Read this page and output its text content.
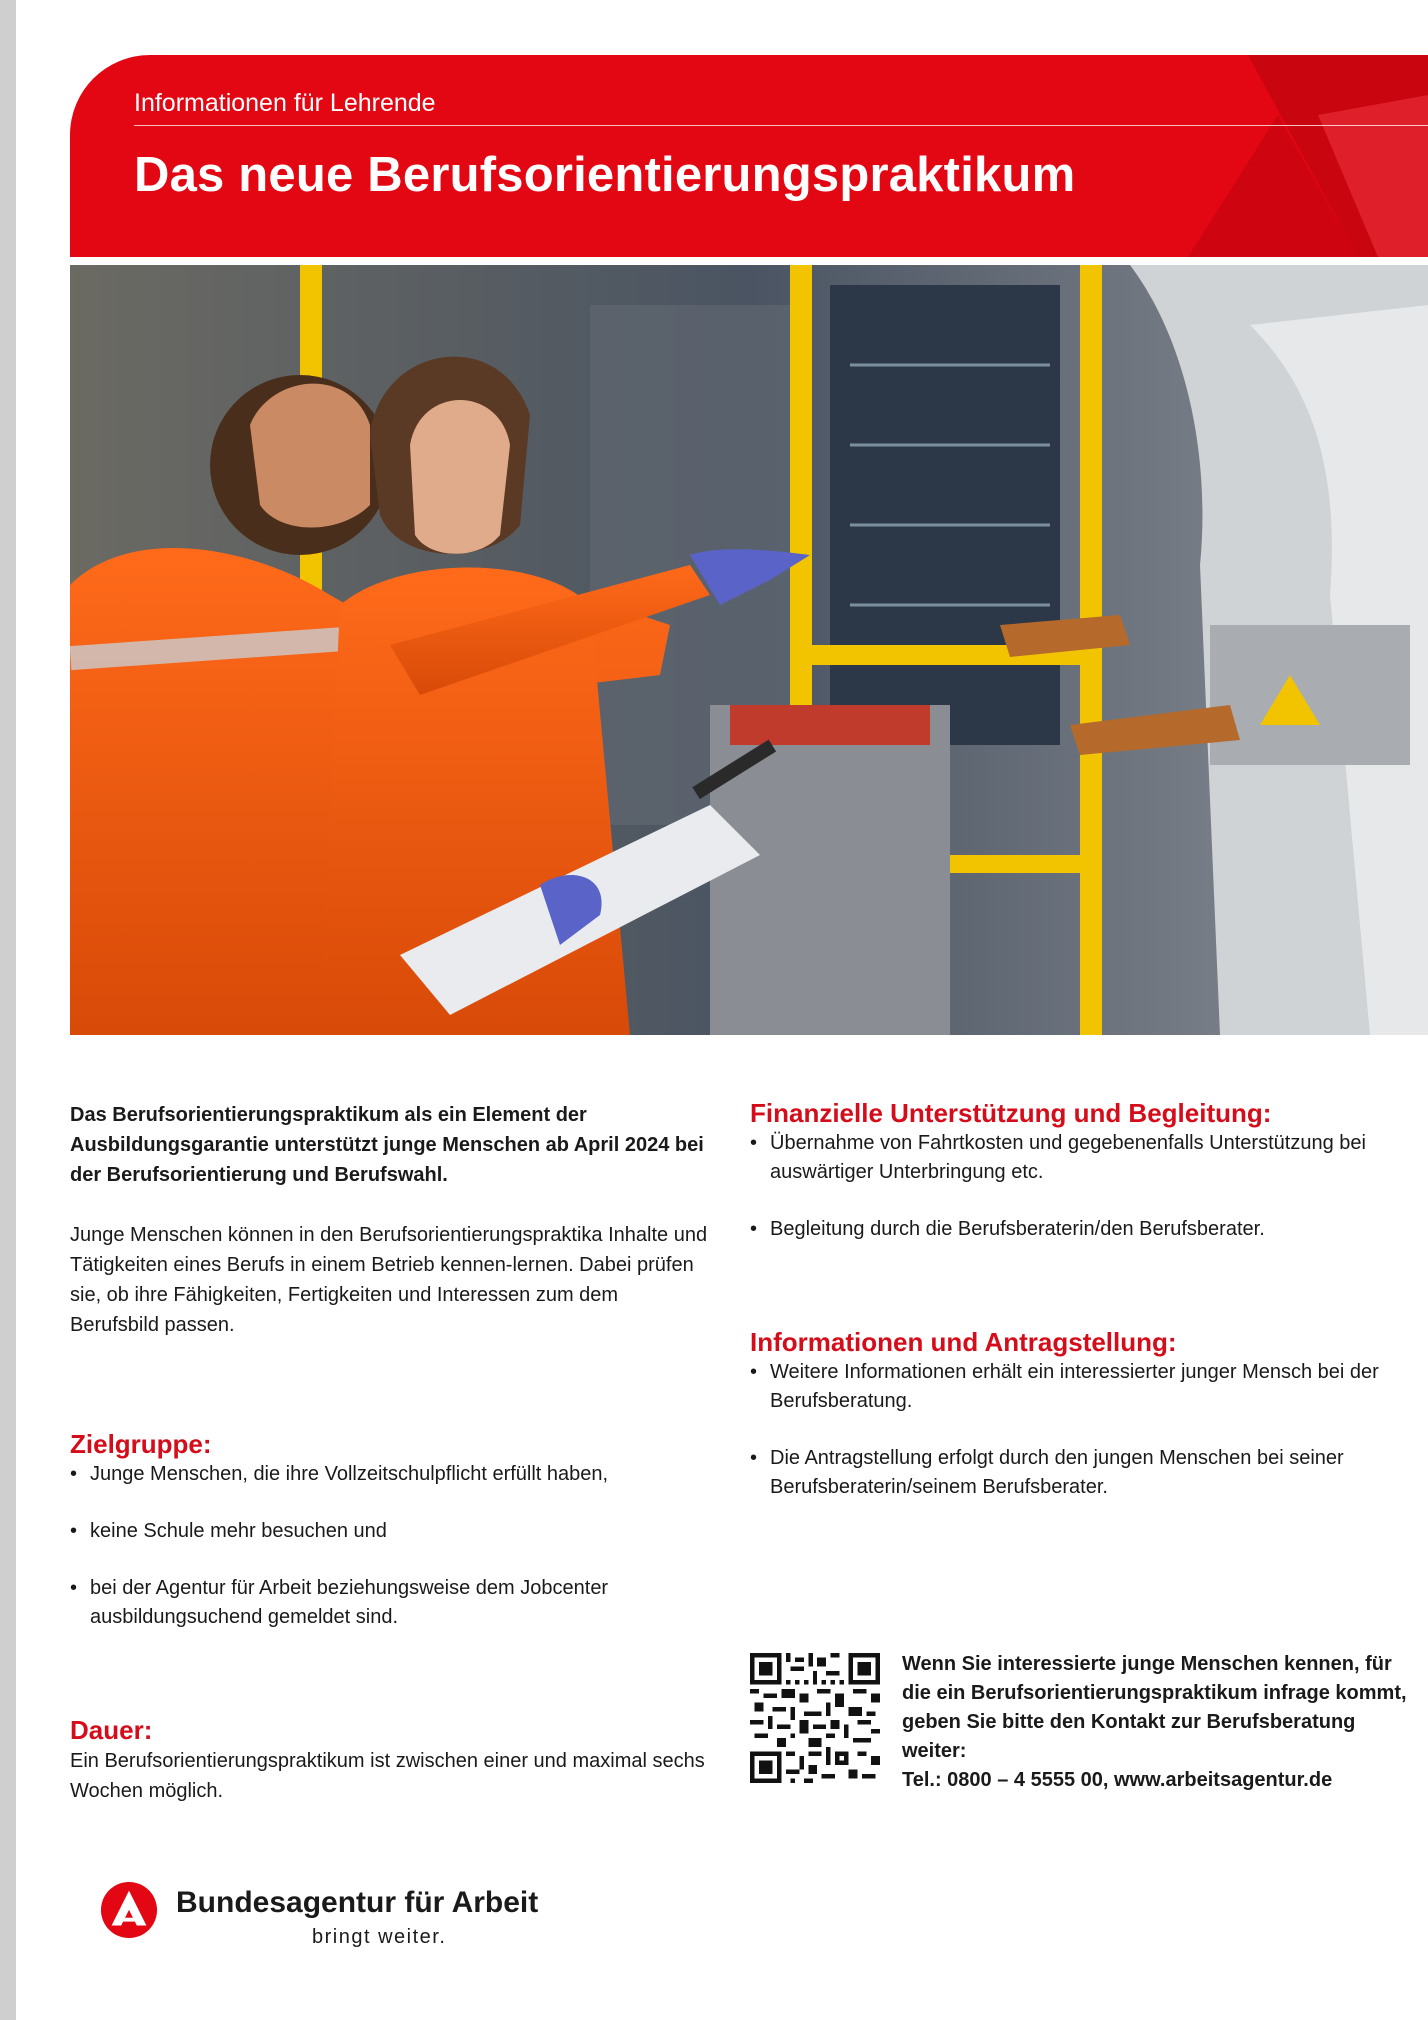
Informationen für Lehrende
Das neue Berufsorientierungspraktikum

Das Berufsorientierungspraktikum als ein Element der Ausbildungsgarantie unterstützt junge Menschen ab April 2024 bei der Berufsorientierung und Berufswahl.

Junge Menschen können in den Berufsorientierungspraktika Inhalte und Tätigkeiten eines Berufs in einem Betrieb kennen-lernen. Dabei prüfen sie, ob ihre Fähigkeiten, Fertigkeiten und Interessen zum dem Berufsbild passen.

Zielgruppe:

• Junge Menschen, die ihre Vollzeitschulpflicht erfüllt haben,
• keine Schule mehr besuchen und
• bei der Agentur für Arbeit beziehungsweise dem Jobcenter ausbildungsuchend gemeldet sind.

Dauer:

Ein Berufsorientierungspraktikum ist zwischen einer und maximal sechs Wochen möglich.

Finanzielle Unterstützung und Begleitung:

• Übernahme von Fahrtkosten und gegebenenfalls Unterstützung bei auswärtiger Unterbringung etc.
• Begleitung durch die Berufsberaterin/den Berufsberater.

Informationen und Antragstellung:

• Weitere Informationen erhält ein interessierter junger Mensch bei der Berufsberatung.
• Die Antragstellung erfolgt durch den jungen Menschen bei seiner Berufsberaterin/seinem Berufsberater.
Wenn Sie interessierte junge Menschen kennen, für die ein Berufsorientierungspraktikum infrage kommt, geben Sie bitte den Kontakt zur Berufsberatung weiter:
Tel.: 0800 – 4 5555 00, www.arbeitsagentur.de
Bundesagentur für Arbeit
bringt weiter.
